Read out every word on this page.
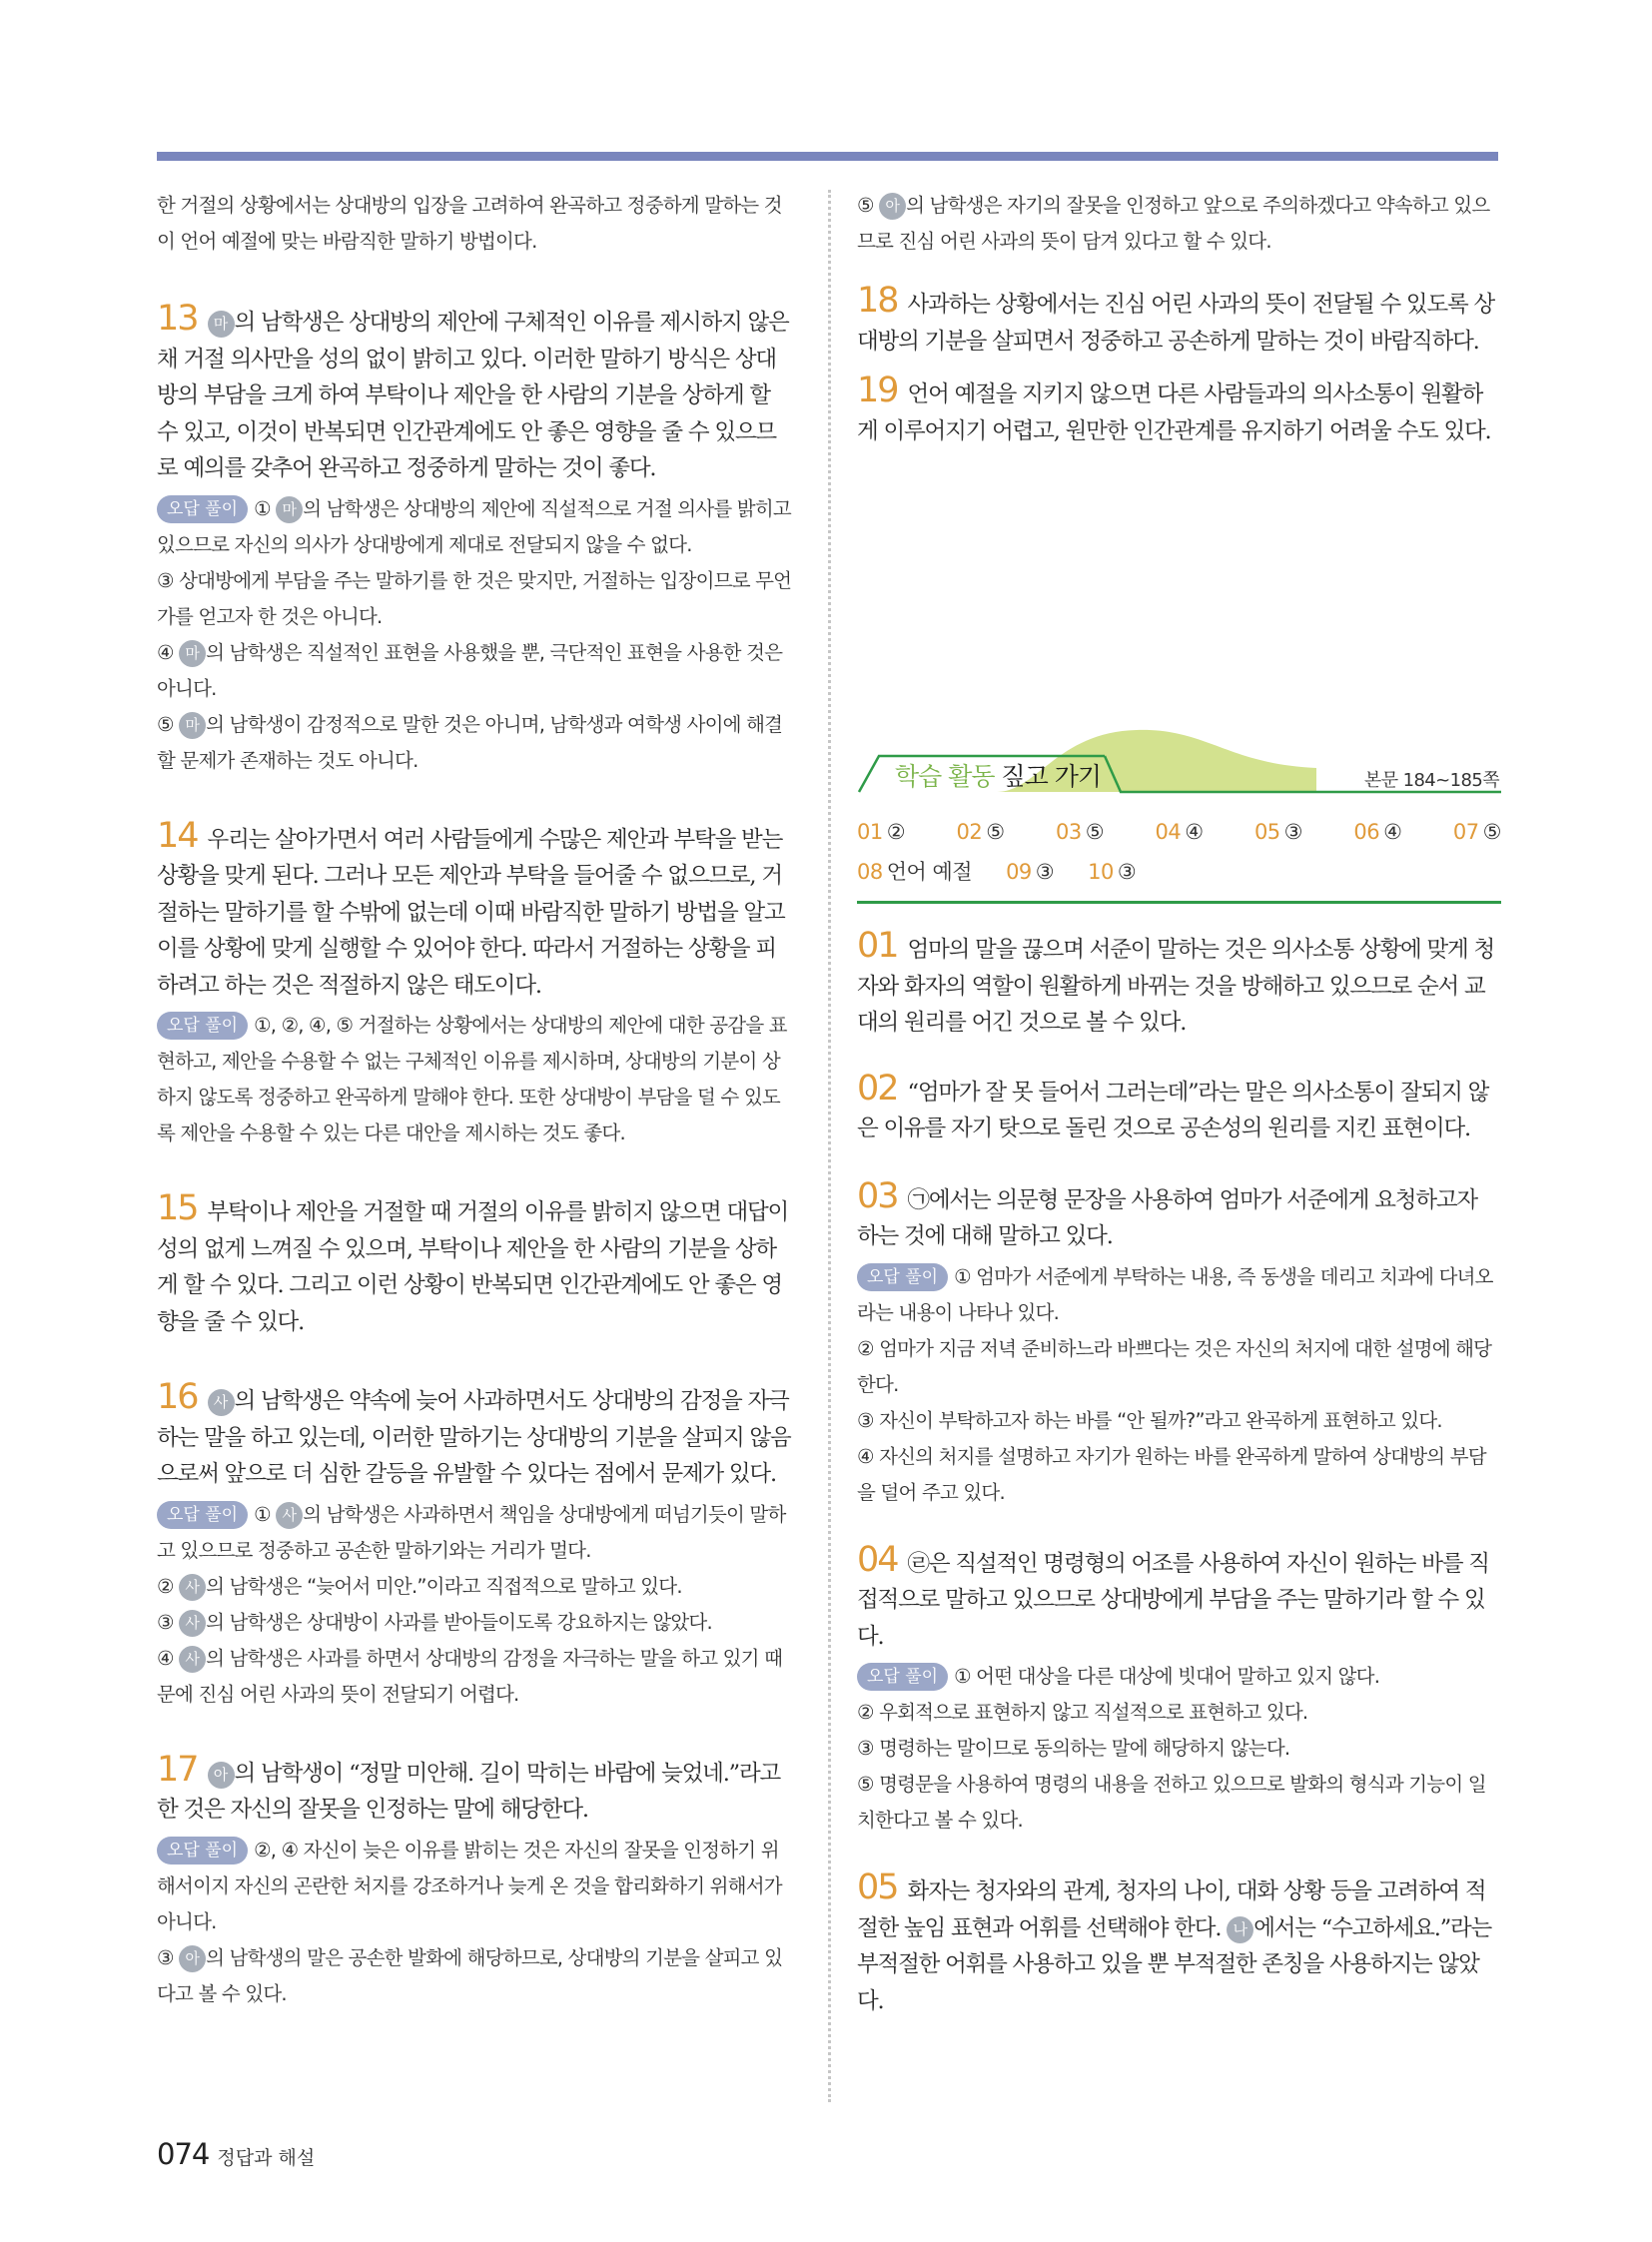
한 거절의 상황에서는 상대방의 입장을 고려하여 완곡하고 정중하게 말하는 것이 언어 예절에 맞는 바람직한 말하기 방법이다.
13 마 의 남학생은 상대방의 제안에 구체적인 이유를 제시하지 않은 채 거절 의사만을 성의 없이 밝히고 있다. 이러한 말하기 방식은 상대방의 부담을 크게 하여 부탁이나 제안을 한 사람의 기분을 상하게 할 수 있고, 이것이 반복되면 인간관계에도 안 좋은 영향을 줄 수 있으므로 예의를 갖추어 완곡하고 정중하게 말하는 것이 좋다.
오답 풀이 ① 마 의 남학생은 상대방의 제안에 직설적으로 거절 의사를 밝히고 있으므로 자신의 의사가 상대방에게 제대로 전달되지 않을 수 없다.
③ 상대방에게 부담을 주는 말하기를 한 것은 맞지만, 거절하는 입장이므로 무언가를 얻고자 한 것은 아니다.
④ 마 의 남학생은 직설적인 표현을 사용했을 뿐, 극단적인 표현을 사용한 것은 아니다.
⑤ 마 의 남학생이 감정적으로 말한 것은 아니며, 남학생과 여학생 사이에 해결할 문제가 존재하는 것도 아니다.
14 우리는 살아가면서 여러 사람들에게 수많은 제안과 부탁을 받는 상황을 맞게 된다. 그러나 모든 제안과 부탁을 들어줄 수 없으므로, 거절하는 말하기를 할 수밖에 없는데 이때 바람직한 말하기 방법을 알고 이를 상황에 맞게 실행할 수 있어야 한다. 따라서 거절하는 상황을 피하려고 하는 것은 적절하지 않은 태도이다.
오답 풀이 ①, ②, ④, ⑤ 거절하는 상황에서는 상대방의 제안에 대한 공감을 표현하고, 제안을 수용할 수 없는 구체적인 이유를 제시하며, 상대방의 기분이 상하지 않도록 정중하고 완곡하게 말해야 한다. 또한 상대방이 부담을 덜 수 있도록 제안을 수용할 수 있는 다른 대안을 제시하는 것도 좋다.
15 부탁이나 제안을 거절할 때 거절의 이유를 밝히지 않으면 대답이 성의 없게 느껴질 수 있으며, 부탁이나 제안을 한 사람의 기분을 상하게 할 수 있다. 그리고 이런 상황이 반복되면 인간관계에도 안 좋은 영향을 줄 수 있다.
16 사 의 남학생은 약속에 늦어 사과하면서도 상대방의 감정을 자극하는 말을 하고 있는데, 이러한 말하기는 상대방의 기분을 살피지 않음으로써 앞으로 더 심한 갈등을 유발할 수 있다는 점에서 문제가 있다.
오답 풀이 ① 사 의 남학생은 사과하면서 책임을 상대방에게 떠넘기듯이 말하고 있으므로 정중하고 공손한 말하기와는 거리가 멀다.
② 사 의 남학생은 “늦어서 미안.”이라고 직접적으로 말하고 있다.
③ 사 의 남학생은 상대방이 사과를 받아들이도록 강요하지는 않았다.
④ 사 의 남학생은 사과를 하면서 상대방의 감정을 자극하는 말을 하고 있기 때문에 진심 어린 사과의 뜻이 전달되기 어렵다.
17 아 의 남학생이 “정말 미안해. 길이 막히는 바람에 늦었네.”라고 한 것은 자신의 잘못을 인정하는 말에 해당한다.
오답 풀이 ②, ④ 자신이 늦은 이유를 밝히는 것은 자신의 잘못을 인정하기 위해서이지 자신의 곤란한 처지를 강조하거나 늦게 온 것을 합리화하기 위해서가 아니다.
③ 아 의 남학생의 말은 공손한 발화에 해당하므로, 상대방의 기분을 살피고 있다고 볼 수 있다.
⑤ 아 의 남학생은 자기의 잘못을 인정하고 앞으로 주의하겠다고 약속하고 있으므로 진심 어린 사과의 뜻이 담겨 있다고 할 수 있다.
18 사과하는 상황에서는 진심 어린 사과의 뜻이 전달될 수 있도록 상대방의 기분을 살피면서 정중하고 공손하게 말하는 것이 바람직하다.
19 언어 예절을 지키지 않으면 다른 사람들과의 의사소통이 원활하게 이루어지기 어렵고, 원만한 인간관계를 유지하기 어려울 수도 있다.
학습 활동 짚고 가기	본문 184~185쪽
01 ② 02 ⑤ 03 ⑤ 04 ④ 05 ③ 06 ④ 07 ⑤
08 언어 예절 09 ③ 10 ③
01 엄마의 말을 끊으며 서준이 말하는 것은 의사소통 상황에 맞게 청자와 화자의 역할이 원활하게 바뀌는 것을 방해하고 있으므로 순서 교대의 원리를 어긴 것으로 볼 수 있다.
02 “엄마가 잘 못 들어서 그러는데”라는 말은 의사소통이 잘되지 않은 이유를 자기 탓으로 돌린 것으로 공손성의 원리를 지킨 표현이다.
03 ㉠에서는 의문형 문장을 사용하여 엄마가 서준에게 요청하고자 하는 것에 대해 말하고 있다.
오답 풀이 ① 엄마가 서준에게 부탁하는 내용, 즉 동생을 데리고 치과에 다녀오라는 내용이 나타나 있다.
② 엄마가 지금 저녁 준비하느라 바쁘다는 것은 자신의 처지에 대한 설명에 해당한다.
③ 자신이 부탁하고자 하는 바를 “안 될까?”라고 완곡하게 표현하고 있다.
④ 자신의 처지를 설명하고 자기가 원하는 바를 완곡하게 말하여 상대방의 부담을 덜어 주고 있다.
04 ㉣은 직설적인 명령형의 어조를 사용하여 자신이 원하는 바를 직접적으로 말하고 있으므로 상대방에게 부담을 주는 말하기라 할 수 있다.
오답 풀이 ① 어떤 대상을 다른 대상에 빗대어 말하고 있지 않다.
② 우회적으로 표현하지 않고 직설적으로 표현하고 있다.
③ 명령하는 말이므로 동의하는 말에 해당하지 않는다.
⑤ 명령문을 사용하여 명령의 내용을 전하고 있으므로 발화의 형식과 기능이 일치한다고 볼 수 있다.
05 화자는 청자와의 관계, 청자의 나이, 대화 상황 등을 고려하여 적절한 높임 표현과 어휘를 선택해야 한다. 나 에서는 “수고하세요.”라는 부적절한 어휘를 사용하고 있을 뿐 부적절한 존칭을 사용하지는 않았다.
074 정답과 해설
